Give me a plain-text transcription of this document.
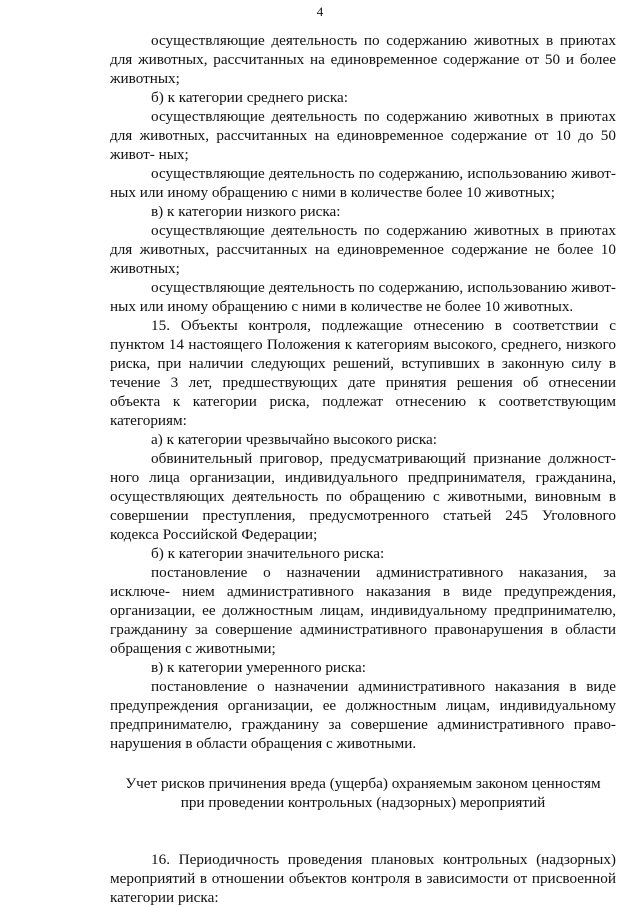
4

осуществляющие деятельность по содержанию животных в приютах для животных, рассчитанных на единовременное содержание от 50 и более животных;

б) к категории среднего риска:

осуществляющие деятельность по содержанию животных в приютах для животных, рассчитанных на единовременное содержание от 10 до 50 живот- ных;

осуществляющие деятельность по содержанию, использованию живот- ных или иному обращению с ними в количестве более 10 животных;

в) к категории низкого риска:

осуществляющие деятельность по содержанию животных в приютах для животных, рассчитанных на единовременное содержание не более 10 животных;

осуществляющие деятельность по содержанию, использованию живот- ных или иному обращению с ними в количестве не более 10 животных.

15. Объекты контроля, подлежащие отнесению в соответствии с пунктом 14 настоящего Положения к категориям высокого, среднего, низкого риска, при наличии следующих решений, вступивших в законную силу в течение 3 лет, предшествующих дате принятия решения об отнесении объекта к категории риска, подлежат отнесению к соответствующим категориям:

а) к категории чрезвычайно высокого риска:

обвинительный приговор, предусматривающий признание должност- ного лица организации, индивидуального предпринимателя, гражданина, осуществляющих деятельность по обращению с животными, виновным в совершении преступления, предусмотренного статьей 245 Уголовного кодекса Российской Федерации;

б) к категории значительного риска:

постановление о назначении административного наказания, за исключе- нием административного наказания в виде предупреждения, организации, ее должностным лицам, индивидуальному предпринимателю, гражданину за совершение административного правонарушения в области обращения с животными;

в) к категории умеренного риска:

постановление о назначении административного наказания в виде предупреждения организации, ее должностным лицам, индивидуальному предпринимателю, гражданину за совершение административного право- нарушения в области обращения с животными.

Учет рисков причинения вреда (ущерба) охраняемым законом ценностям при проведении контрольных (надзорных) мероприятий

16. Периодичность проведения плановых контрольных (надзорных) мероприятий в отношении объектов контроля в зависимости от присвоенной категории риска:
